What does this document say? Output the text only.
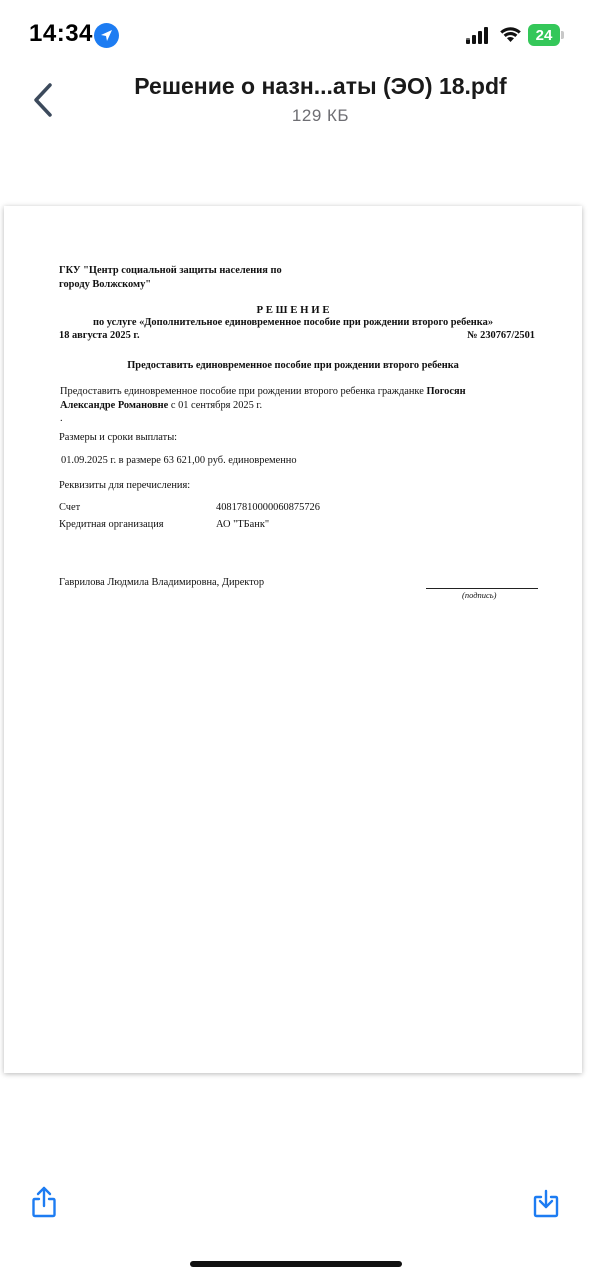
14:34	24
Решение о назн...аты (ЭО) 18.pdf
129 КБ
ГКУ "Центр социальной защиты населения по
городу Волжскому"
Р Е Ш Е Н И Е
по услуге «Дополнительное единовременное пособие при рождении второго ребенка»
18 августа 2025 г.	№ 230767/2501
Предоставить единовременное пособие при рождении второго ребенка
Предоставить единовременное пособие при рождении второго ребенка гражданке Погосян
Александре Романовне с 01 сентября 2025 г.
.
Размеры и сроки выплаты:
01.09.2025 г. в размере 63 621,00 руб. единовременно
Реквизиты для перечисления:
Счет	40817810000060875726
Кредитная организация	АО "ТБанк"
Гаврилова Людмила Владимировна, Директор
(подпись)
